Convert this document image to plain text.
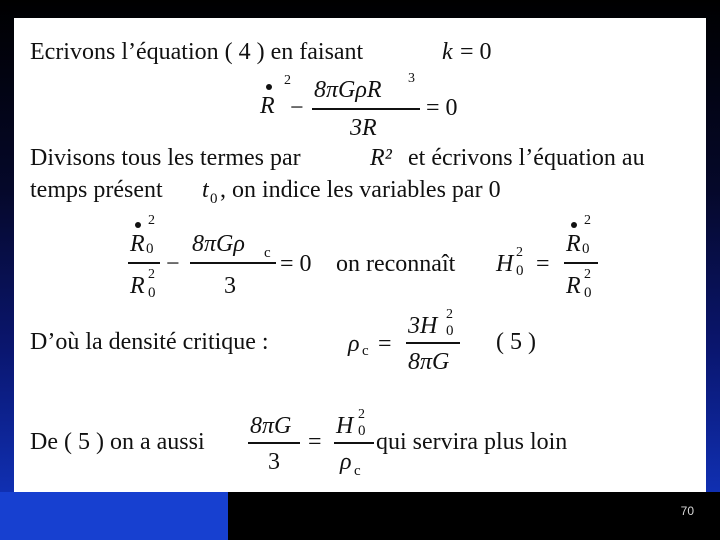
70
Ecrivons l’équation ( 4 ) en faisant	k = 0
R
2
−
8πGρR 3
3R
= 0
Divisons tous les termes par	R² et écrivons l’équation au
temps présent t 0 , on indice les variables par 0
2
R 0
R 2
0
−
8πGρ c
3
= 0 on reconnaît H 2
0 =
2
R 0
R 2
0
D’où la densité critique :	ρ c =
3H 2
0
8πG
( 5 )
De ( 5 ) on a aussi
8πG
3
=
H 2
0
ρ c
qui servira plus loin
